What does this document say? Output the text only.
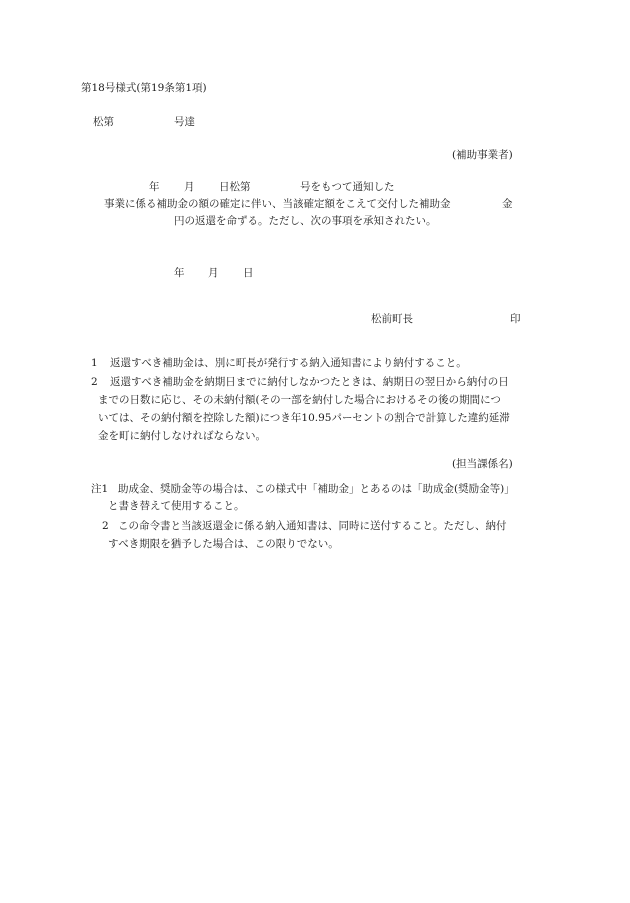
第18号様式(第19条第1項)
松第	号達
(補助事業者)
年 月 日松第	号をもつて通知した
事業に係る補助金の額の確定に伴い、当該確定額をこえて交付した補助金	金
円の返還を命ずる。ただし、次の事項を承知されたい。
年 月 日
松前町長	印
1 返還すべき補助金は、別に町長が発行する納入通知書により納付すること。
2 返還すべき補助金を納期日までに納付しなかつたときは、納期日の翌日から納付の日
までの日数に応じ、その未納付額(その一部を納付した場合におけるその後の期間につ
いては、その納付額を控除した額)につき年10.95パーセントの割合で計算した違約延滞
金を町に納付しなければならない。
(担当課係名)
注1 助成金、奨励金等の場合は、この様式中「補助金」とあるのは「助成金(奨励金等)」
と書き替えて使用すること。
2 この命令書と当該返還金に係る納入通知書は、同時に送付すること。ただし、納付
すべき期限を猶予した場合は、この限りでない。
